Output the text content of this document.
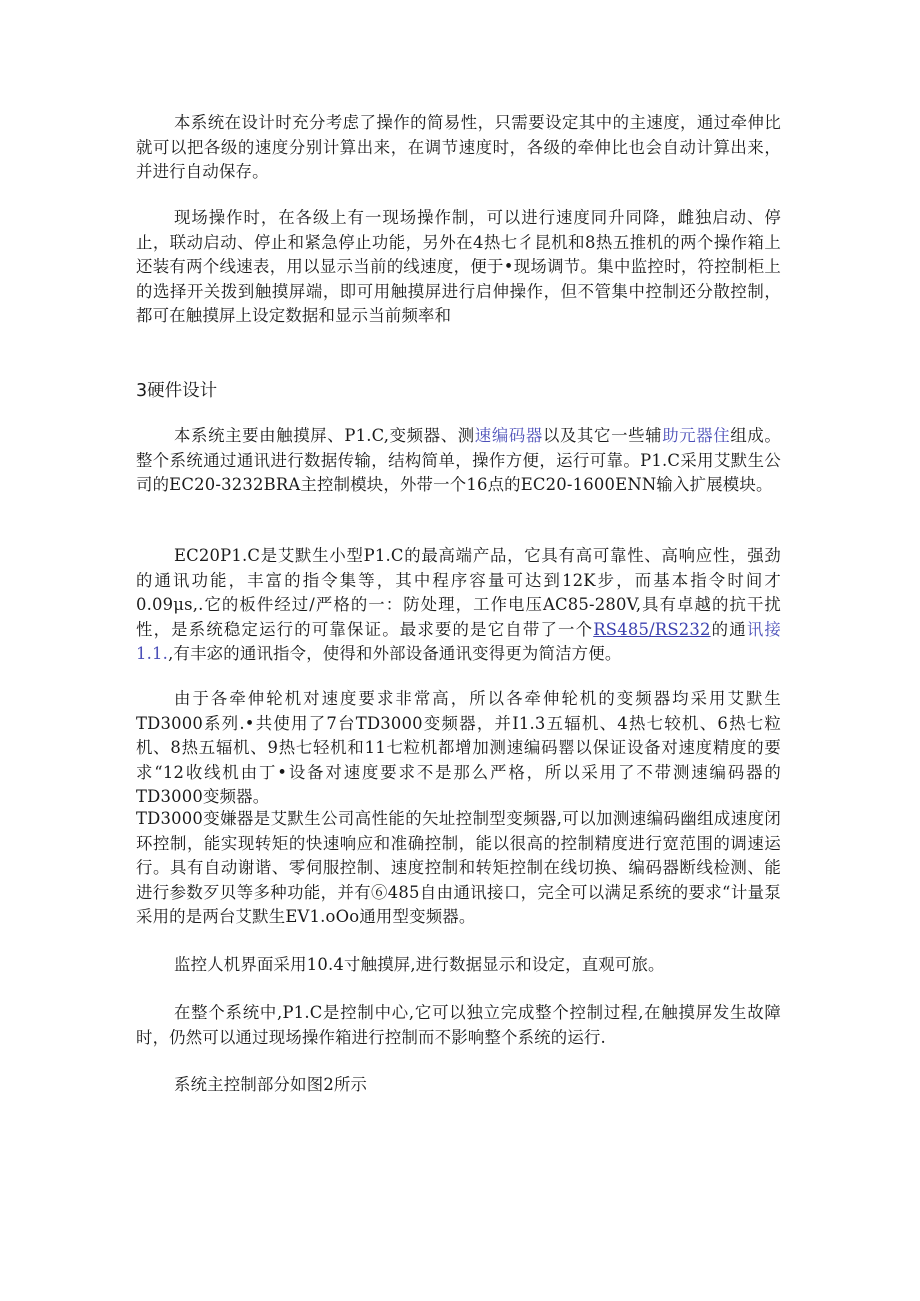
本系统在设计时充分考虑了操作的简易性，只需要设定其中的主速度，通过牵伸比就可以把各级的速度分别计算出来，在调节速度时，各级的牵伸比也会自动计算出来，并进行自动保存。

现场操作时，在各级上有一现场操作制，可以进行速度同升同降，雌独启动、停止，联动启动、停止和紧急停止功能，另外在4热七彳昆机和8热五推机的两个操作箱上还装有两个线速表，用以显示当前的线速度，便于•现场调节。集中监控时，符控制柜上的选择开关拨到触摸屏端，即可用触摸屏进行启伸操作，但不管集中控制还分散控制，都可在触摸屏上设定数据和显示当前频率和

3硬件设计

本系统主要由触摸屏、P1.C,变频器、测速编码器以及其它一些辅助元器住组成。整个系统通过通讯进行数据传输，结构简单，操作方便，运行可靠。P1.C采用艾默生公司的EC20-3232BRA主控制模块，外带一个16点的EC20-1600ENN输入扩展模块。

EC20P1.C是艾默生小型P1.C的最高端产品，它具有高可靠性、高响应性，强劲的通讯功能，丰富的指令集等，其中程序容量可达到12K步，而基本指令时间才0.09μs,.它的板件经过/严格的一：防处理，工作电压AC85-280V,具有卓越的抗干扰性，是系统稳定运行的可靠保证。最求要的是它自带了一个RS485/RS232的通讯接1.1.,有丰宓的通讯指令，使得和外部设备通讯变得更为简洁方便。

由于各牵伸轮机对速度要求非常高，所以各牵伸轮机的变频器均采用艾默生TD3000系列.•共使用了7台TD3000变频器，并I1.3五辐机、4热七较机、6热七粒机、8热五辐机、9热七轻机和11七粒机都增加测速编码罂以保证设备对速度精度的要求“12收线机由丁•设备对速度要求不是那么严格，所以采用了不带测速编码器的TD3000变频器。

TD3000变嫌器是艾默生公司高性能的矢址控制型变频器,可以加测速编码幽组成速度闭环控制，能实现转矩的快速响应和准确控制，能以很高的控制精度进行宽范围的调速运行。具有自动谢谐、零伺服控制、速度控制和转矩控制在线切换、编码器断线检测、能进行参数歹贝等多种功能，并有⑥485自由通讯接口，完全可以满足系统的要求“计量泵采用的是两台艾默生EV1.oOo通用型变频器。

监控人机界面采用10.4寸触摸屏,进行数据显示和设定，直观可旅。

在整个系统中,P1.C是控制中心,它可以独立完成整个控制过程,在触摸屏发生故障时，仍然可以通过现场操作箱进行控制而不影响整个系统的运行.

系统主控制部分如图2所示
